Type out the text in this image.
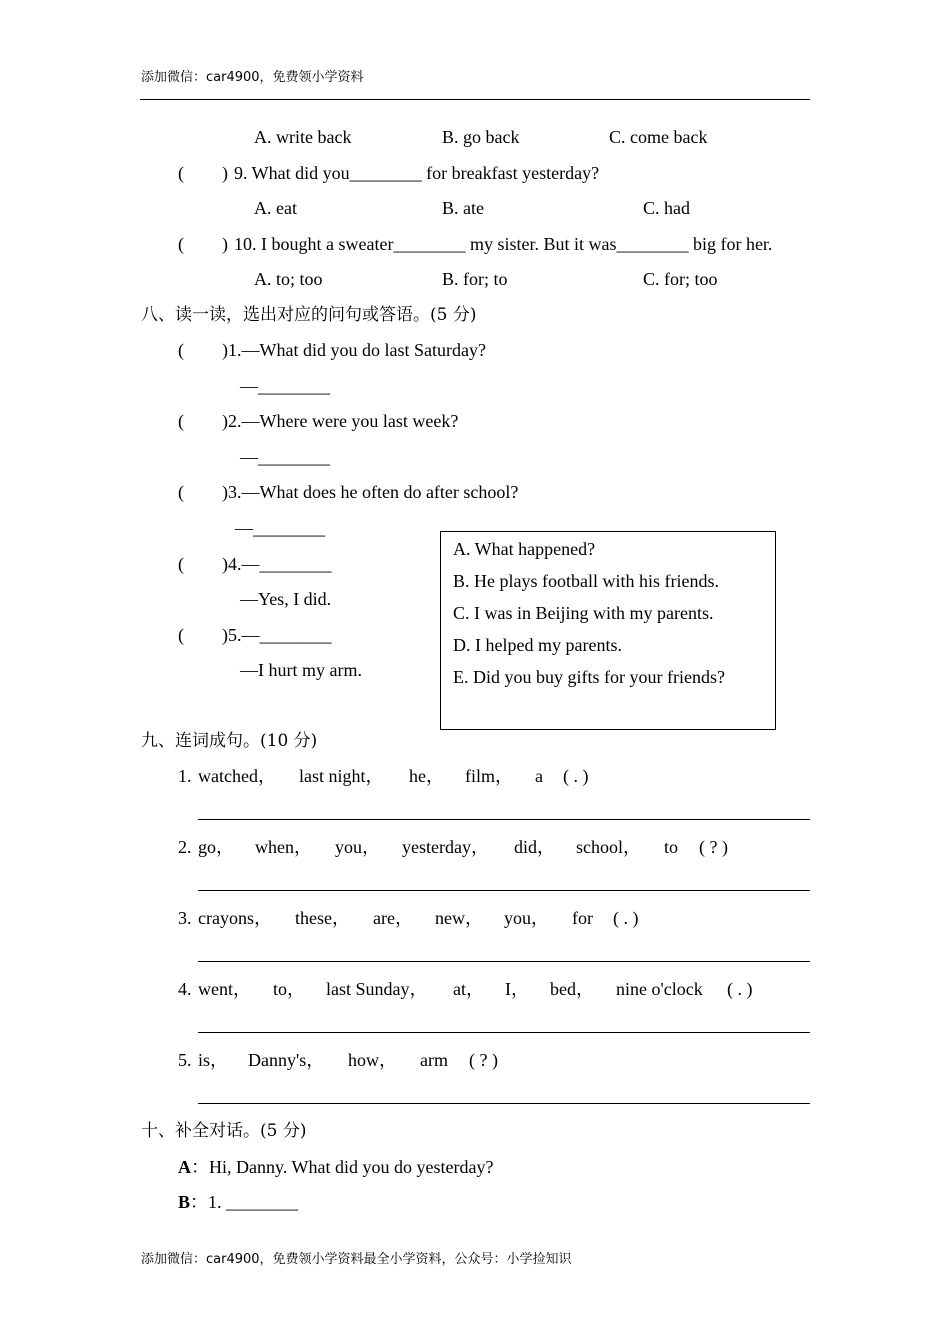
添加微信：car4900，免费领小学资料
A. write back	B. go back	C. come back
( ) 9. What did you________ for breakfast yesterday?
A. eat	B. ate	C. had
( ) 10. I bought a sweater________ my sister. But it was________ big for her.
A. to; too	B. for; to	C. for; too
八、读一读，选出对应的问句或答语。(5 分)
( )1.—What did you do last Saturday?
—________
( )2.—Where were you last week?
—________
( )3.—What does he often do after school?
—________
( )4.—________
—Yes, I did.
( )5.—________
—I hurt my arm.
A. What happened?
B. He plays football with his friends.
C. I was in Beijing with my parents.
D. I helped my parents.
E. Did you buy gifts for your friends?
九、连词成句。(10 分)
1. watched， last night， he， film， a ( . )
2. go， when， you， yesterday， did， school， to ( ? )
3. crayons， these， are， new， you， for ( . )
4. went， to， last Sunday， at， I， bed， nine o'clock ( . )
5. is， Danny's， how， arm ( ? )
十、补全对话。(5 分)
A：Hi, Danny. What did you do yesterday?
B：1. ________
添加微信：car4900，免费领小学资料最全小学资料，公众号：小学捡知识
